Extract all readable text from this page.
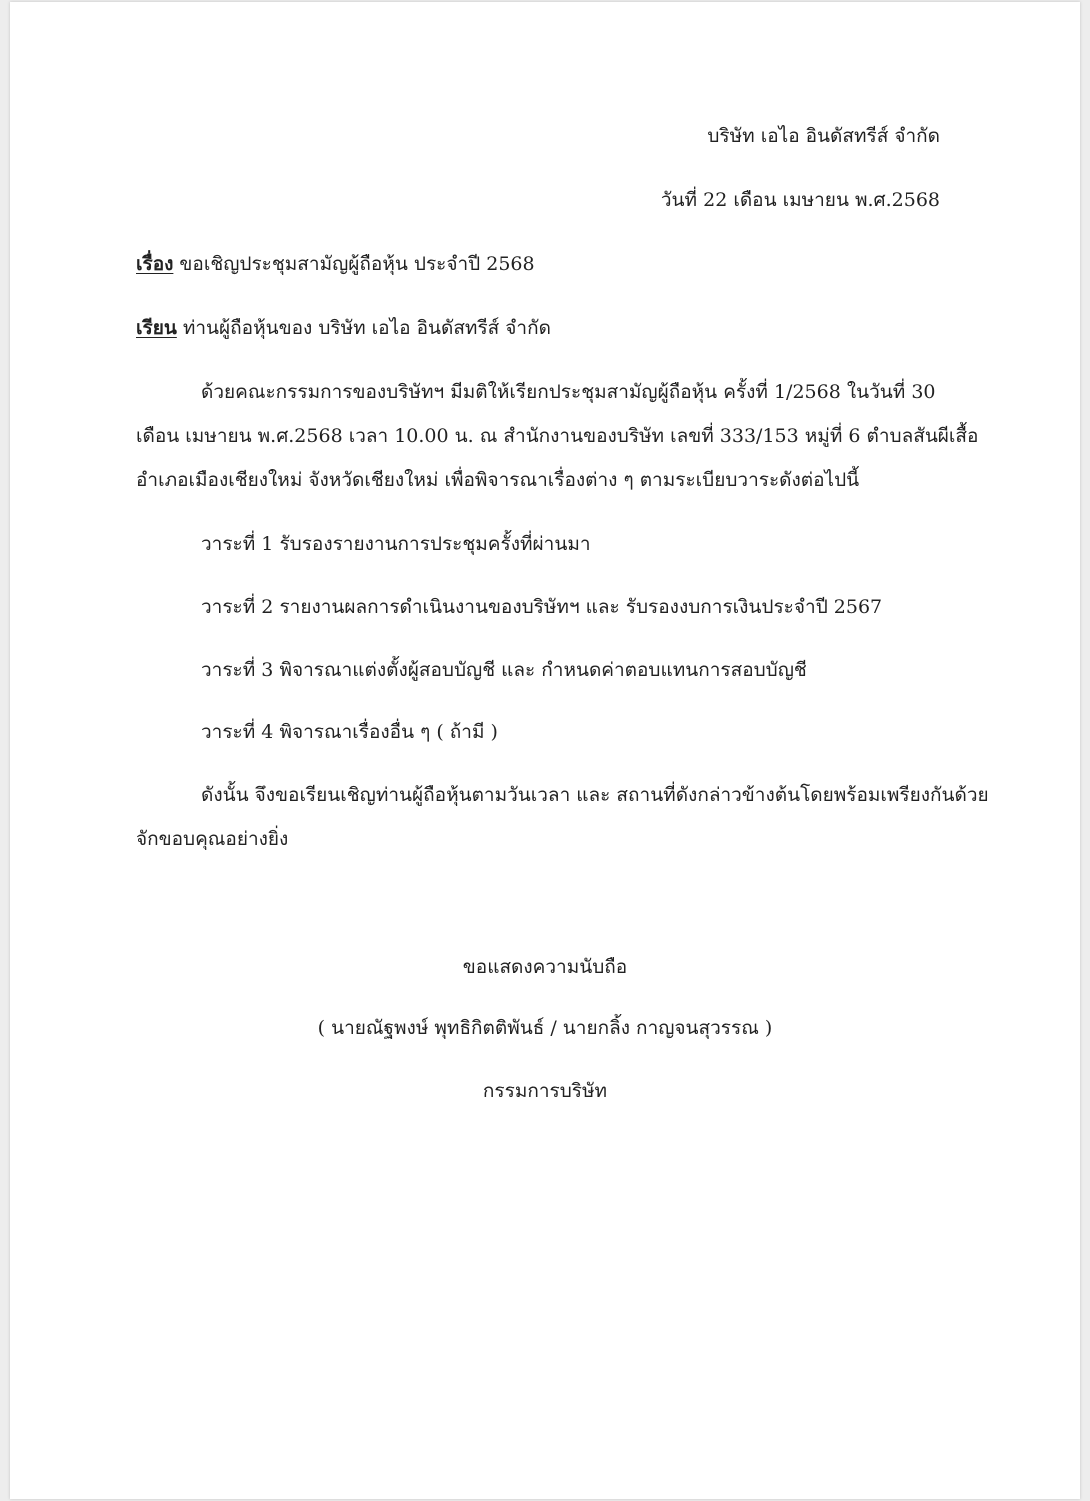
บริษัท เอไอ อินดัสทรีส์ จำกัด
วันที่ 22 เดือน เมษายน พ.ศ.2568
เรื่อง ขอเชิญประชุมสามัญผู้ถือหุ้น ประจำปี 2568
เรียน ท่านผู้ถือหุ้นของ บริษัท เอไอ อินดัสทรีส์ จำกัด
ด้วยคณะกรรมการของบริษัทฯ มีมติให้เรียกประชุมสามัญผู้ถือหุ้น ครั้งที่ 1/2568 ในวันที่ 30
เดือน เมษายน พ.ศ.2568 เวลา 10.00 น. ณ สำนักงานของบริษัท เลขที่ 333/153 หมู่ที่ 6 ตำบลสันผีเสื้อ
อำเภอเมืองเชียงใหม่ จังหวัดเชียงใหม่ เพื่อพิจารณาเรื่องต่าง ๆ ตามระเบียบวาระดังต่อไปนี้
วาระที่ 1 รับรองรายงานการประชุมครั้งที่ผ่านมา
วาระที่ 2 รายงานผลการดำเนินงานของบริษัทฯ และ รับรองงบการเงินประจำปี 2567
วาระที่ 3 พิจารณาแต่งตั้งผู้สอบบัญชี และ กำหนดค่าตอบแทนการสอบบัญชี
วาระที่ 4 พิจารณาเรื่องอื่น ๆ ( ถ้ามี )
ดังนั้น จึงขอเรียนเชิญท่านผู้ถือหุ้นตามวันเวลา และ สถานที่ดังกล่าวข้างต้นโดยพร้อมเพรียงกันด้วย
จักขอบคุณอย่างยิ่ง
ขอแสดงความนับถือ
( นายณัฐพงษ์ พุทธิกิตติพันธ์ / นายกลิ้ง กาญจนสุวรรณ )
กรรมการบริษัท
